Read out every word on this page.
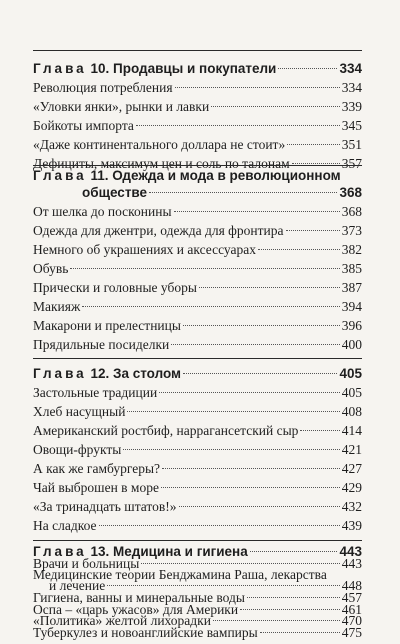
Глава 10. Продавцы и покупатели	334
Революция потребления	334
«Уловки янки», рынки и лавки	339
Бойкоты импорта	345
«Даже континентального доллара не стоит»	351
Дефициты, максимум цен и соль по талонам	357
Глава 11. Одежда и мода в революционном
обществе	368
От шелка до посконины	368
Одежда для джентри, одежда для фронтира	373
Немного об украшениях и аксессуарах	382
Обувь	385
Прически и головные уборы	387
Макияж	394
Макарони и прелестницы	396
Прядильные посиделки	400
Глава 12. За столом	405
Застольные традиции	405
Хлеб насущный	408
Американский ростбиф, наррагансетский сыр	414
Овощи-фрукты	421
А как же гамбургеры?	427
Чай выброшен в море	429
«За тринадцать штатов!»	432
На сладкое	439
Глава 13. Медицина и гигиена	443
Врачи и больницы	443
Медицинские теории Бенджамина Раша, лекарства
и лечение	448
Гигиена, ванны и минеральные воды	457
Оспа – «царь ужасов» для Америки	461
«Политика» желтой лихорадки	470
Туберкулез и новоанглийские вампиры	475
